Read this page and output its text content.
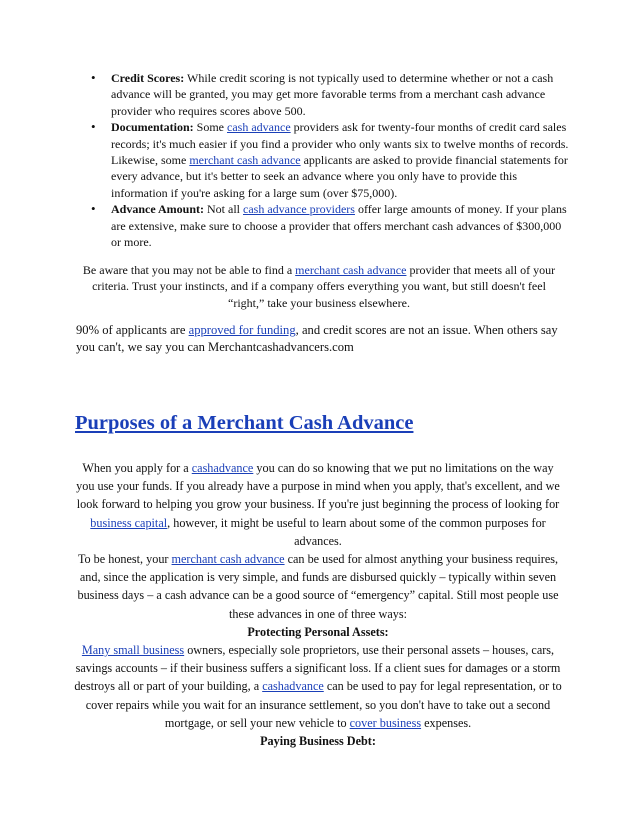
• Credit Scores: While credit scoring is not typically used to determine whether or not a cash advance will be granted, you may get more favorable terms from a merchant cash advance provider who requires scores above 500.
• Documentation: Some cash advance providers ask for twenty-four months of credit card sales records; it's much easier if you find a provider who only wants six to twelve months of records. Likewise, some merchant cash advance applicants are asked to provide financial statements for every advance, but it's better to seek an advance where you only have to provide this information if you're asking for a large sum (over $75,000).
• Advance Amount: Not all cash advance providers offer large amounts of money. If your plans are extensive, make sure to choose a provider that offers merchant cash advances of $300,000 or more.

Be aware that you may not be able to find a merchant cash advance provider that meets all of your criteria. Trust your instincts, and if a company offers everything you want, but still doesn't feel “right,” take your business elsewhere.

90% of applicants are approved for funding, and credit scores are not an issue. When others say you can't, we say you can Merchantcashadvancers.com

Purposes of a Merchant Cash Advance

When you apply for a cashadvance you can do so knowing that we put no limitations on the way you use your funds. If you already have a purpose in mind when you apply, that's excellent, and we look forward to helping you grow your business. If you're just beginning the process of looking for business capital, however, it might be useful to learn about some of the common purposes for advances.

To be honest, your merchant cash advance can be used for almost anything your business requires, and, since the application is very simple, and funds are disbursed quickly – typically within seven business days – a cash advance can be a good source of “emergency” capital. Still most people use these advances in one of three ways:

Protecting Personal Assets:

Many small business owners, especially sole proprietors, use their personal assets – houses, cars, savings accounts – if their business suffers a significant loss. If a client sues for damages or a storm destroys all or part of your building, a cashadvance can be used to pay for legal representation, or to cover repairs while you wait for an insurance settlement, so you don't have to take out a second mortgage, or sell your new vehicle to cover business expenses.

Paying Business Debt:
